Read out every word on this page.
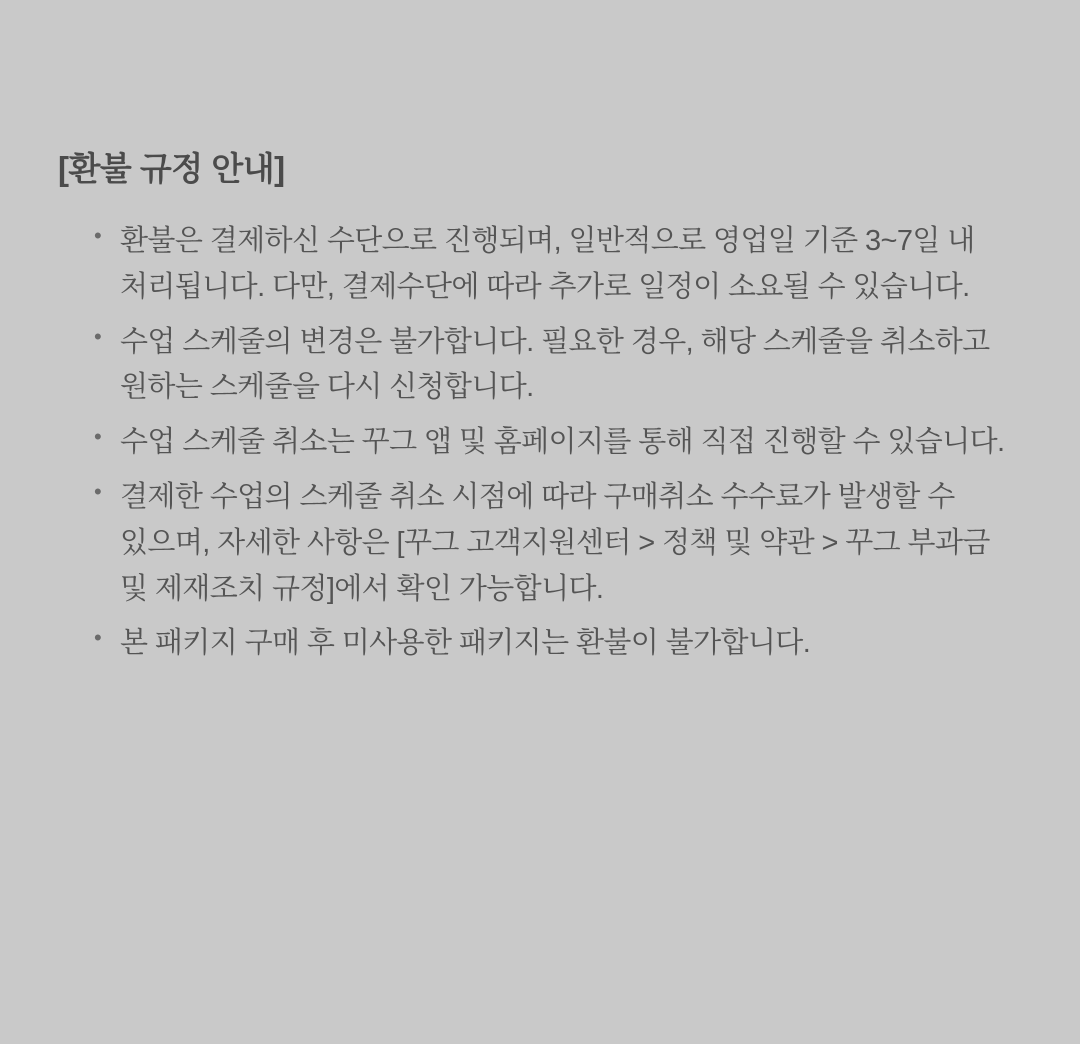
[환불 규정 안내]
• 환불은 결제하신 수단으로 진행되며, 일반적으로 영업일 기준 3~7일 내 처리됩니다. 다만, 결제수단에 따라 추가로 일정이 소요될 수 있습니다.
• 수업 스케줄의 변경은 불가합니다. 필요한 경우, 해당 스케줄을 취소하고 원하는 스케줄을 다시 신청합니다.
• 수업 스케줄 취소는 꾸그 앱 및 홈페이지를 통해 직접 진행할 수 있습니다.
• 결제한 수업의 스케줄 취소 시점에 따라 구매취소 수수료가 발생할 수 있으며, 자세한 사항은 [꾸그 고객지원센터 > 정책 및 약관 > 꾸그 부과금 및 제재조치 규정]에서 확인 가능합니다.
• 본 패키지 구매 후 미사용한 패키지는 환불이 불가합니다.
